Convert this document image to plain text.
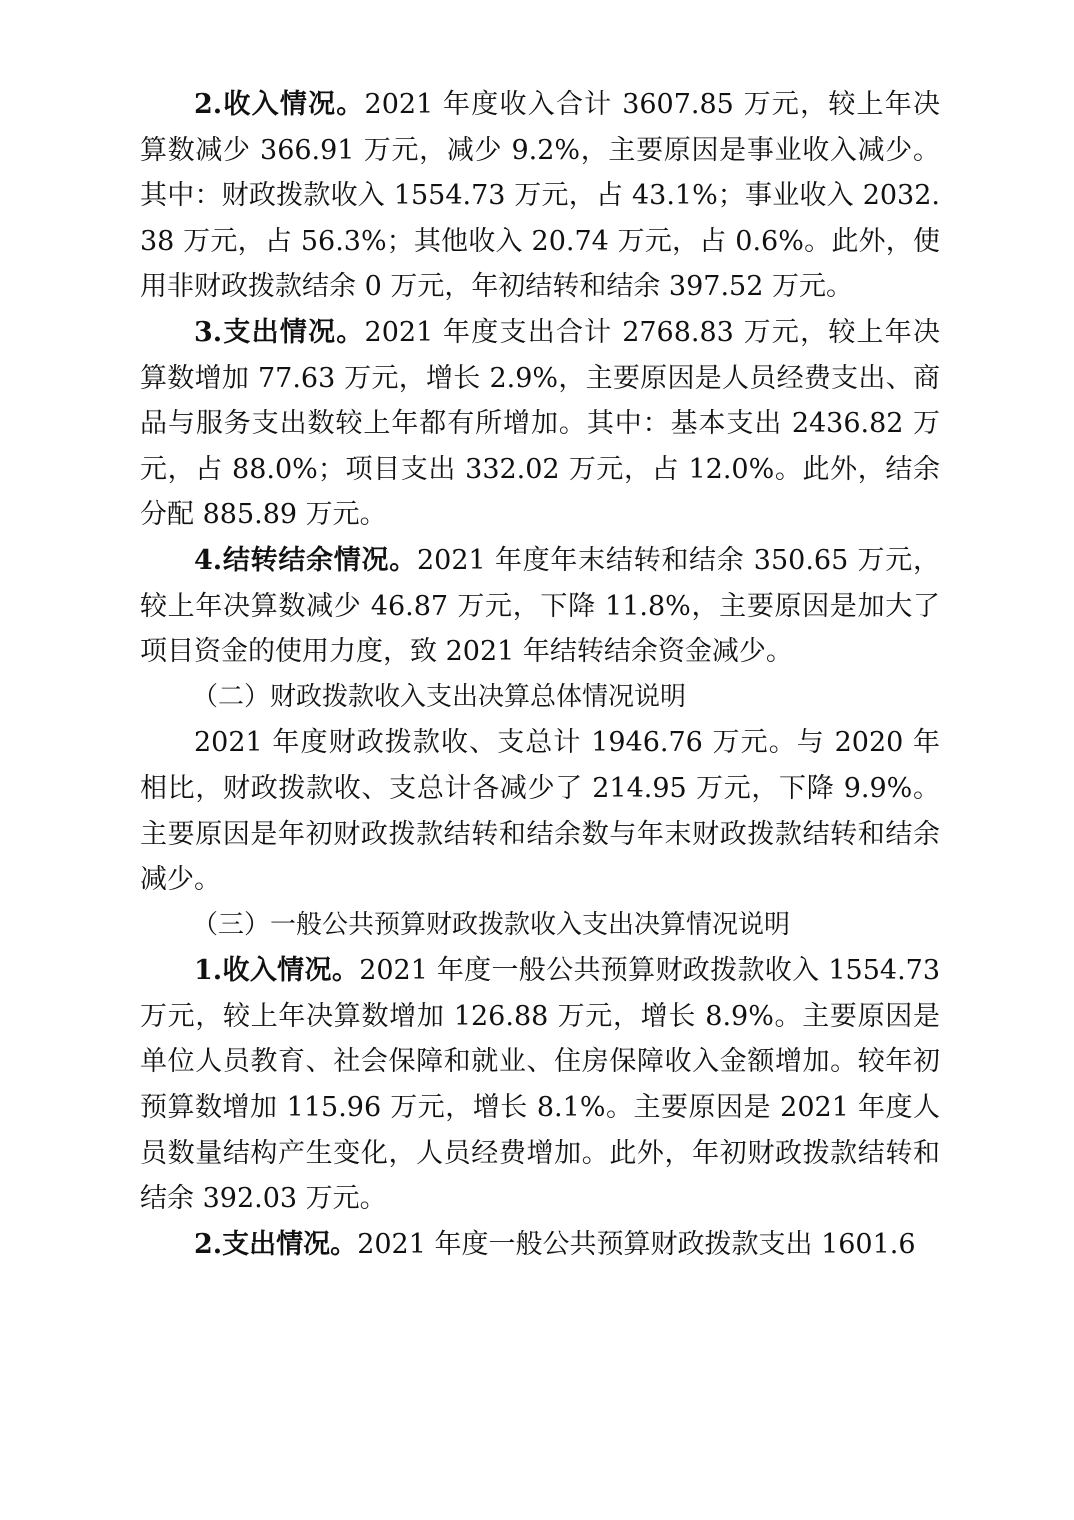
2.收入情况。2021 年度收入合计 3607.85 万元，较上年决算数减少 366.91 万元，减少 9.2%，主要原因是事业收入减少。其中：财政拨款收入 1554.73 万元，占 43.1%；事业收入 2032.38 万元，占 56.3%；其他收入 20.74 万元，占 0.6%。此外，使用非财政拨款结余 0 万元，年初结转和结余 397.52 万元。

3.支出情况。2021 年度支出合计 2768.83 万元，较上年决算数增加 77.63 万元，增长 2.9%，主要原因是人员经费支出、商品与服务支出数较上年都有所增加。其中：基本支出 2436.82 万元，占 88.0%；项目支出 332.02 万元，占 12.0%。此外，结余分配 885.89 万元。

4.结转结余情况。2021 年度年末结转和结余 350.65 万元，较上年决算数减少 46.87 万元，下降 11.8%，主要原因是加大了项目资金的使用力度，致 2021 年结转结余资金减少。

（二）财政拨款收入支出决算总体情况说明

2021 年度财政拨款收、支总计 1946.76 万元。与 2020 年相比，财政拨款收、支总计各减少了 214.95 万元，下降 9.9%。主要原因是年初财政拨款结转和结余数与年末财政拨款结转和结余减少。

（三）一般公共预算财政拨款收入支出决算情况说明

1.收入情况。2021 年度一般公共预算财政拨款收入 1554.73 万元，较上年决算数增加 126.88 万元，增长 8.9%。主要原因是单位人员教育、社会保障和就业、住房保障收入金额增加。较年初预算数增加 115.96 万元，增长 8.1%。主要原因是 2021 年度人员数量结构产生变化，人员经费增加。此外，年初财政拨款结转和结余 392.03 万元。

2.支出情况。2021 年度一般公共预算财政拨款支出 1601.6
